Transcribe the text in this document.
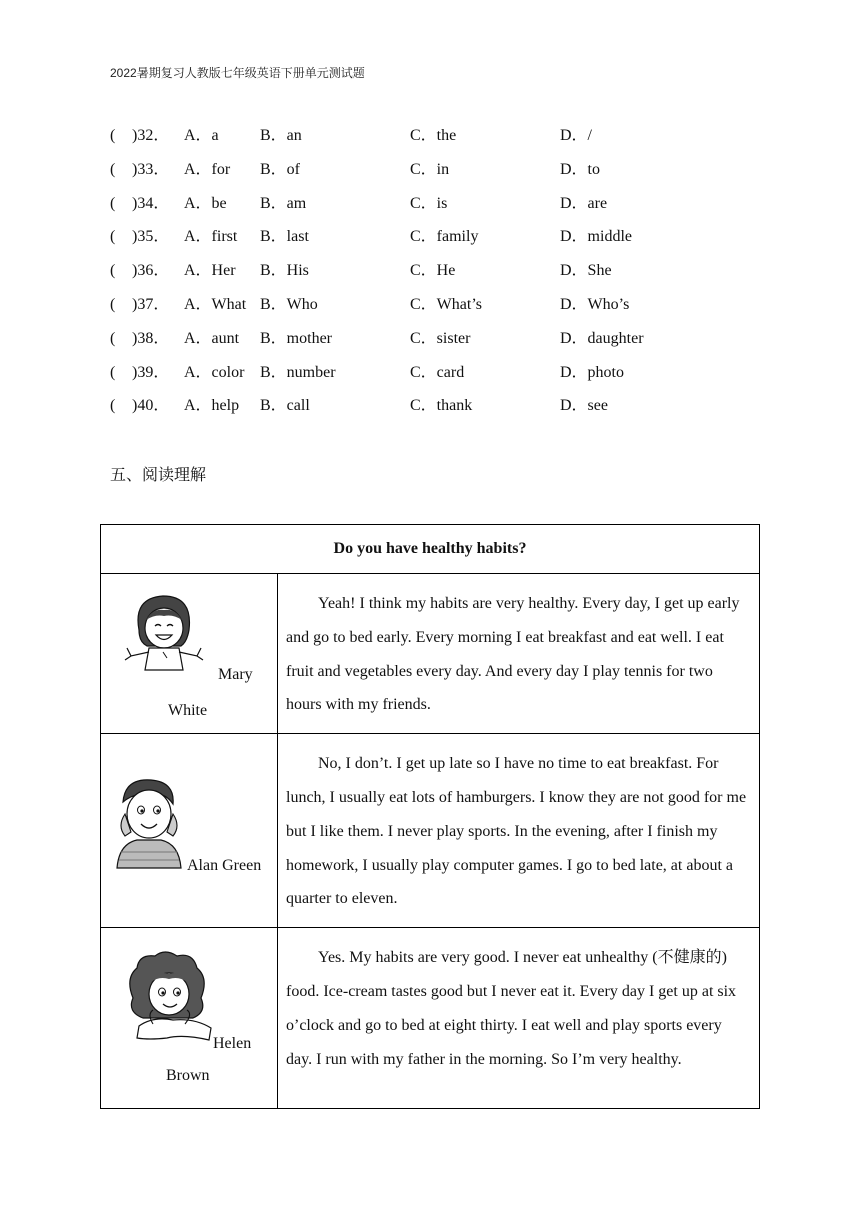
2022暑期复习人教版七年级英语下册单元测试题
( )32． A．a	B．an	C．the	D．/
( )33． A．for B．of	C．in	D．to
( )34． A．be B．am	C．is	D．are
( )35． A．first B．last	C．family	D．middle
( )36． A．Her B．His	C．He	D．She
( )37． A．What B．Who	C．What’s	D．Who’s
( )38． A．aunt B．mother	C．sister	D．daughter
( )39． A．color B．number	C．card	D．photo
( )40． A．help B．call	C．thank	D．see
五、阅读理解
Do you have healthy habits?	

Mary
White	Yeah! I think my habits are very healthy. Every day, I get up early and go to bed early. Every morning I eat breakfast and eat well. I eat fruit and vegetables every day. And every day I play tennis for two hours with my friends.

Alan Green	No, I don’t. I get up late so I have no time to eat breakfast. For lunch, I usually eat lots of hamburgers. I know they are not good for me but I like them. I never play sports. In the evening, after I finish my homework, I usually play computer games. I go to bed late, at about a quarter to eleven.

Helen
Brown	Yes. My habits are very good. I never eat unhealthy (不健康的) food. Ice-cream tastes good but I never eat it. Every day I get up at six o’clock and go to bed at eight thirty. I eat well and play sports every day. I run with my father in the morning. So I’m very healthy.
